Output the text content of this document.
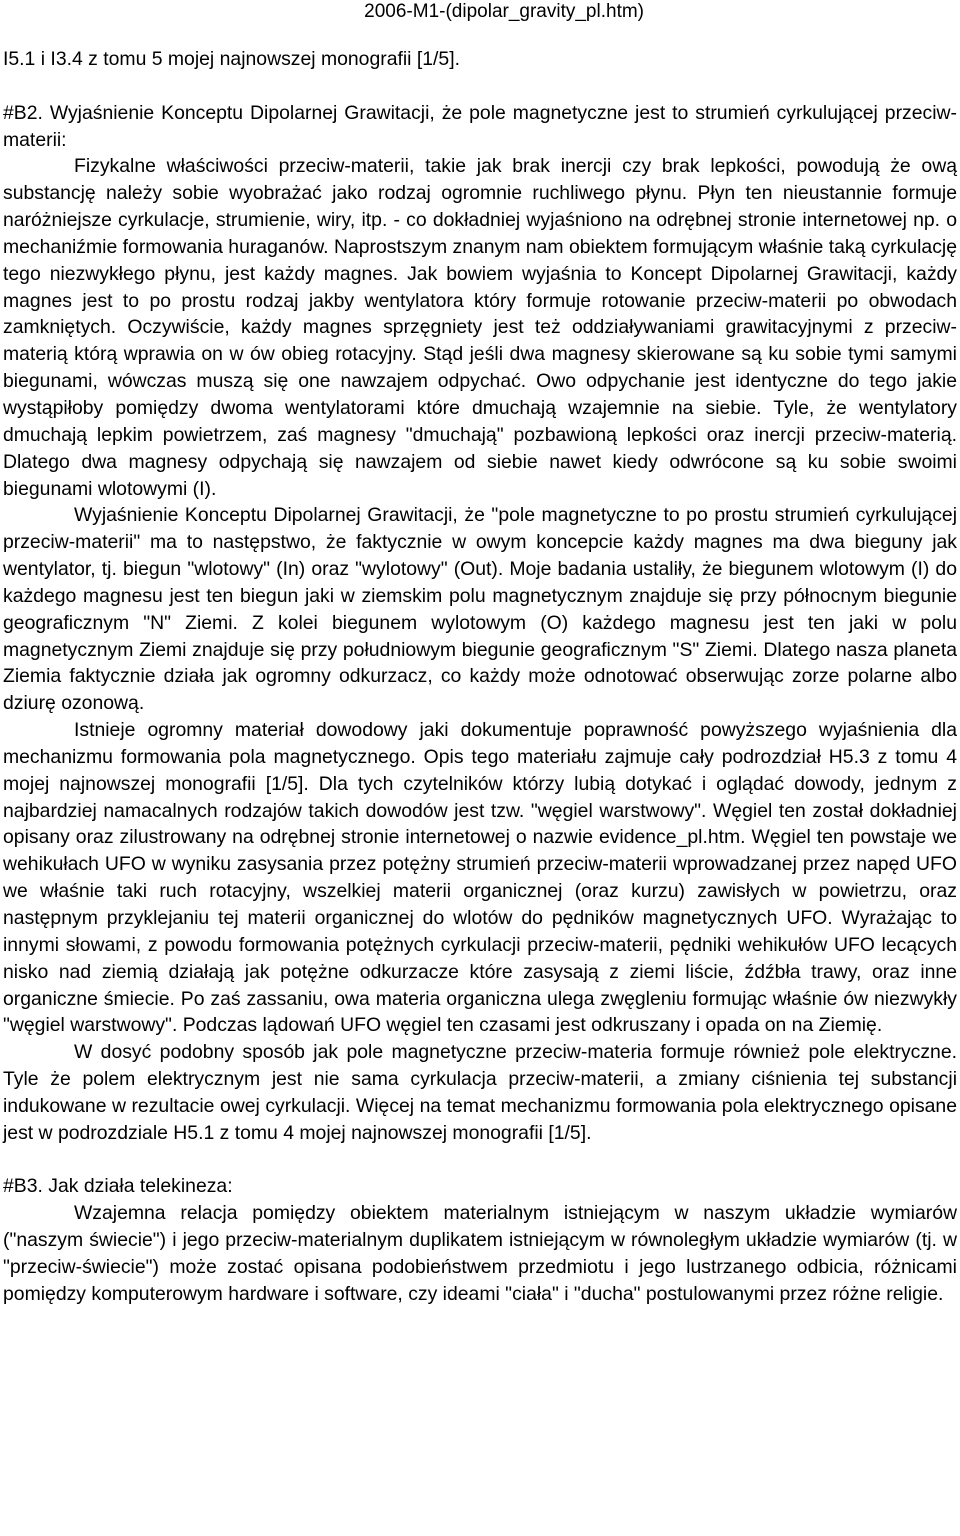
2006-M1-(dipolar_gravity_pl.htm)

I5.1 i I3.4 z tomu 5 mojej najnowszej monografii [1/5].

#B2. Wyjaśnienie Konceptu Dipolarnej Grawitacji, że pole magnetyczne jest to strumień cyrkulującej przeciw-materii:

Fizykalne właściwości przeciw-materii, takie jak brak inercji czy brak lepkości, powodują że ową substancję należy sobie wyobrażać jako rodzaj ogromnie ruchliwego płynu. Płyn ten nieustannie formuje naróżniejsze cyrkulacje, strumienie, wiry, itp. - co dokładniej wyjaśniono na odrębnej stronie internetowej np. o mechaniźmie formowania huraganów. Naprostszym znanym nam obiektem formującym właśnie taką cyrkulację tego niezwykłego płynu, jest każdy magnes. Jak bowiem wyjaśnia to Koncept Dipolarnej Grawitacji, każdy magnes jest to po prostu rodzaj jakby wentylatora który formuje rotowanie przeciw-materii po obwodach zamkniętych. Oczywiście, każdy magnes sprzęgniety jest też oddziaływaniami grawitacyjnymi z przeciw-materią którą wprawia on w ów obieg rotacyjny. Stąd jeśli dwa magnesy skierowane są ku sobie tymi samymi biegunami, wówczas muszą się one nawzajem odpychać. Owo odpychanie jest identyczne do tego jakie wystąpiłoby pomiędzy dwoma wentylatorami które dmuchają wzajemnie na siebie. Tyle, że wentylatory dmuchają lepkim powietrzem, zaś magnesy "dmuchają" pozbawioną lepkości oraz inercji przeciw-materią. Dlatego dwa magnesy odpychają się nawzajem od siebie nawet kiedy odwrócone są ku sobie swoimi biegunami wlotowymi (I).

Wyjaśnienie Konceptu Dipolarnej Grawitacji, że "pole magnetyczne to po prostu strumień cyrkulującej przeciw-materii" ma to następstwo, że faktycznie w owym koncepcie każdy magnes ma dwa bieguny jak wentylator, tj. biegun "wlotowy" (In) oraz "wylotowy" (Out). Moje badania ustaliły, że biegunem wlotowym (I) do każdego magnesu jest ten biegun jaki w ziemskim polu magnetycznym znajduje się przy północnym biegunie geograficznym "N" Ziemi. Z kolei biegunem wylotowym (O) każdego magnesu jest ten jaki w polu magnetycznym Ziemi znajduje się przy południowym biegunie geograficznym "S" Ziemi. Dlatego nasza planeta Ziemia faktycznie działa jak ogromny odkurzacz, co każdy może odnotować obserwując zorze polarne albo dziurę ozonową.

Istnieje ogromny materiał dowodowy jaki dokumentuje poprawność powyższego wyjaśnienia dla mechanizmu formowania pola magnetycznego. Opis tego materiału zajmuje cały podrozdział H5.3 z tomu 4 mojej najnowszej monografii [1/5]. Dla tych czytelników którzy lubią dotykać i oglądać dowody, jednym z najbardziej namacalnych rodzajów takich dowodów jest tzw. "węgiel warstwowy". Węgiel ten został dokładniej opisany oraz zilustrowany na odrębnej stronie internetowej o nazwie evidence_pl.htm. Węgiel ten powstaje we wehikułach UFO w wyniku zasysania przez potężny strumień przeciw-materii wprowadzanej przez napęd UFO we właśnie taki ruch rotacyjny, wszelkiej materii organicznej (oraz kurzu) zawisłych w powietrzu, oraz następnym przyklejaniu tej materii organicznej do wlotów do pędników magnetycznych UFO. Wyrażając to innymi słowami, z powodu formowania potężnych cyrkulacji przeciw-materii, pędniki wehikułów UFO lecących nisko nad ziemią działają jak potężne odkurzacze które zasysają z ziemi liście, źdźbła trawy, oraz inne organiczne śmiecie. Po zaś zassaniu, owa materia organiczna ulega zwęgleniu formując właśnie ów niezwykły "węgiel warstwowy". Podczas lądowań UFO węgiel ten czasami jest odkruszany i opada on na Ziemię.

W dosyć podobny sposób jak pole magnetyczne przeciw-materia formuje również pole elektryczne. Tyle że polem elektrycznym jest nie sama cyrkulacja przeciw-materii, a zmiany ciśnienia tej substancji indukowane w rezultacie owej cyrkulacji. Więcej na temat mechanizmu formowania pola elektrycznego opisane jest w podrozdziale H5.1 z tomu 4 mojej najnowszej monografii [1/5].

#B3. Jak działa telekineza:

Wzajemna relacja pomiędzy obiektem materialnym istniejącym w naszym układzie wymiarów ("naszym świecie") i jego przeciw-materialnym duplikatem istniejącym w równoległym układzie wymiarów (tj. w "przeciw-świecie") może zostać opisana podobieństwem przedmiotu i jego lustrzanego odbicia, różnicami pomiędzy komputerowym hardware i software, czy ideami "ciała" i "ducha" postulowanymi przez różne religie.
